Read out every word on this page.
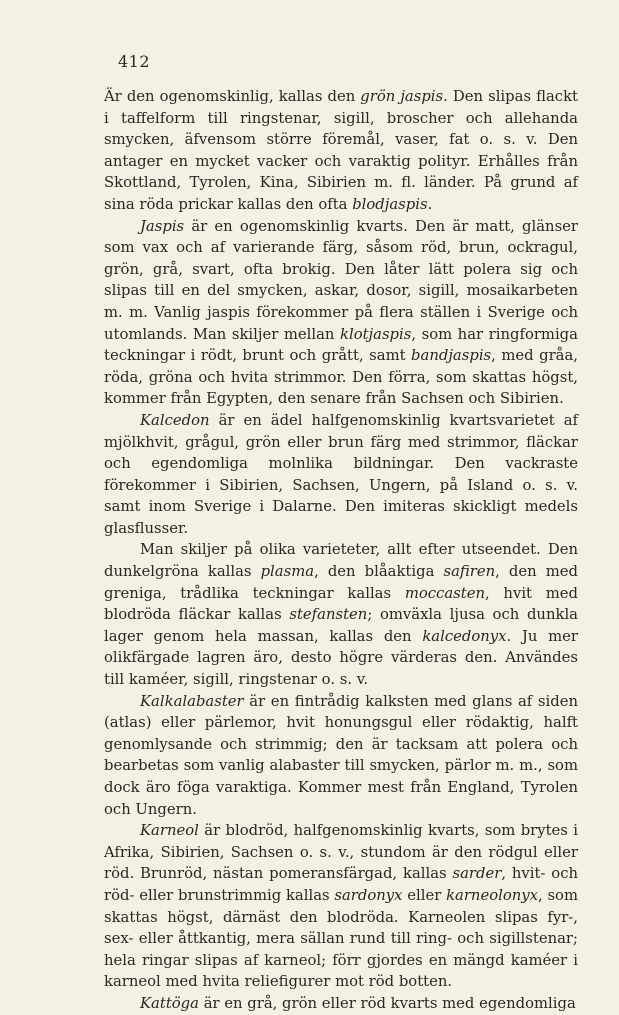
412

Är den ogenomskinlig, kallas den grön jaspis. Den slipas flackt i taffelform till ringstenar, sigill, broscher och allehanda smycken, äfvensom större föremål, vaser, fat o. s. v. Den antager en mycket vacker och varaktig polityr. Erhålles från Skottland, Tyrolen, Kina, Sibirien m. fl. länder. På grund af sina röda prickar kallas den ofta blodjaspis.

Jaspis är en ogenomskinlig kvarts. Den är matt, glänser som vax och af varierande färg, såsom röd, brun, ockragul, grön, grå, svart, ofta brokig. Den låter lätt polera sig och slipas till en del smycken, askar, dosor, sigill, mosaikarbeten m. m. Vanlig jaspis förekommer på flera ställen i Sverige och utomlands. Man skiljer mellan klotjaspis, som har ringformiga teckningar i rödt, brunt och grått, samt bandjaspis, med gråa, röda, gröna och hvita strimmor. Den förra, som skattas högst, kommer från Egypten, den senare från Sachsen och Sibirien.

Kalcedon är en ädel halfgenomskinlig kvartsvarietet af mjölkhvit, grågul, grön eller brun färg med strimmor, fläckar och egendomliga molnlika bildningar. Den vackraste förekommer i Sibirien, Sachsen, Ungern, på Island o. s. v. samt inom Sverige i Dalarne. Den imiteras skickligt medels glasflusser.

Man skiljer på olika varieteter, allt efter utseendet. Den dunkelgröna kallas plasma, den blåaktiga safiren, den med greniga, trådlika teckningar kallas moccasten, hvit med blodröda fläckar kallas stefansten; omväxla ljusa och dunkla lager genom hela massan, kallas den kalcedonyx. Ju mer olikfärgade lagren äro, desto högre värderas den. Användes till kaméer, sigill, ringstenar o. s. v.

Kalkalabaster är en fintrådig kalksten med glans af siden (atlas) eller pärlemor, hvit honungsgul eller rödaktig, halft genomlysande och strimmig; den är tacksam att polera och bearbetas som vanlig alabaster till smycken, pärlor m. m., som dock äro föga varaktiga. Kommer mest från England, Tyrolen och Ungern.

Karneol är blodröd, halfgenomskinlig kvarts, som brytes i Afrika, Sibirien, Sachsen o. s. v., stundom är den rödgul eller röd. Brunröd, nästan pomeransfärgad, kallas sarder, hvit- och röd- eller brunstrimmig kallas sardonyx eller karneolonyx, som skattas högst, därnäst den blodröda. Karneolen slipas fyr-, sex- eller åttkantig, mera sällan rund till ring- och sigillstenar; hela ringar slipas af karneol; förr gjordes en mängd kaméer i karneol med hvita reliefigurer mot röd botten.

Kattöga är en grå, grön eller röd kvarts med egendomliga
